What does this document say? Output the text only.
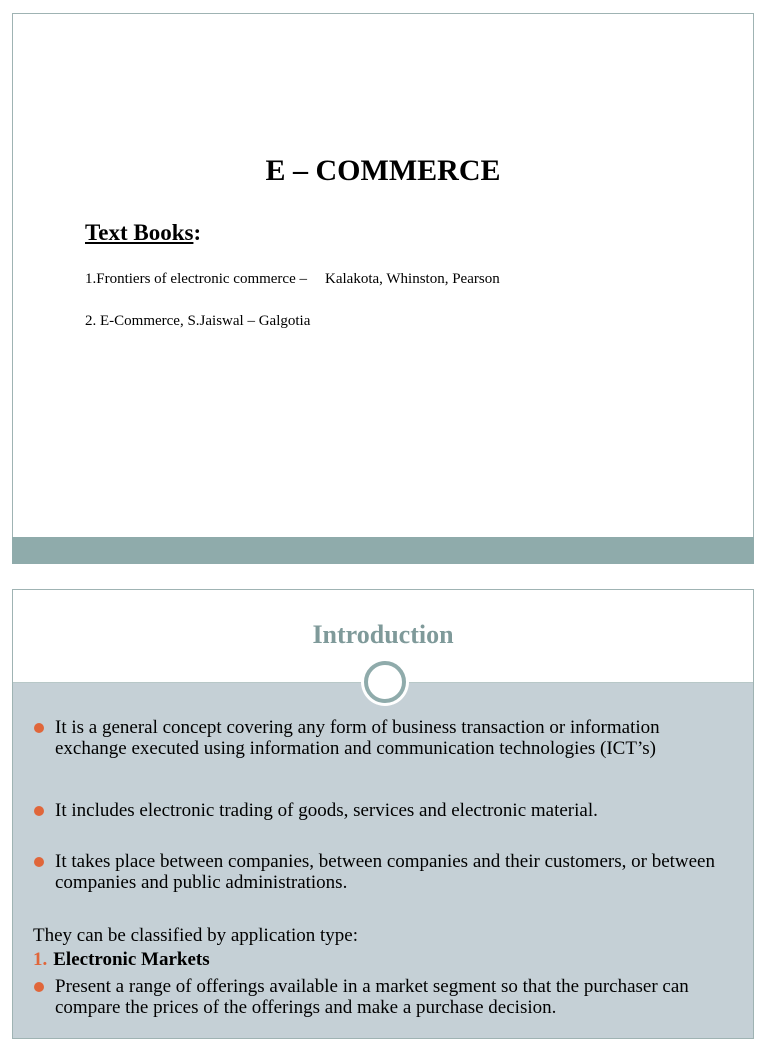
E – COMMERCE
Text Books:
1.Frontiers of electronic commerce – Kalakota, Whinston, Pearson
2. E-Commerce, S.Jaiswal – Galgotia
Introduction
It is a general concept covering any form of business transaction or information exchange executed using information and communication technologies (ICT’s)
It includes electronic trading of goods, services and electronic material.
It takes place between companies, between companies and their customers, or between companies and public administrations.
They can be classified by application type:
1. Electronic Markets
Present a range of offerings available in a market segment so that the purchaser can compare the prices of the offerings and make a purchase decision.
